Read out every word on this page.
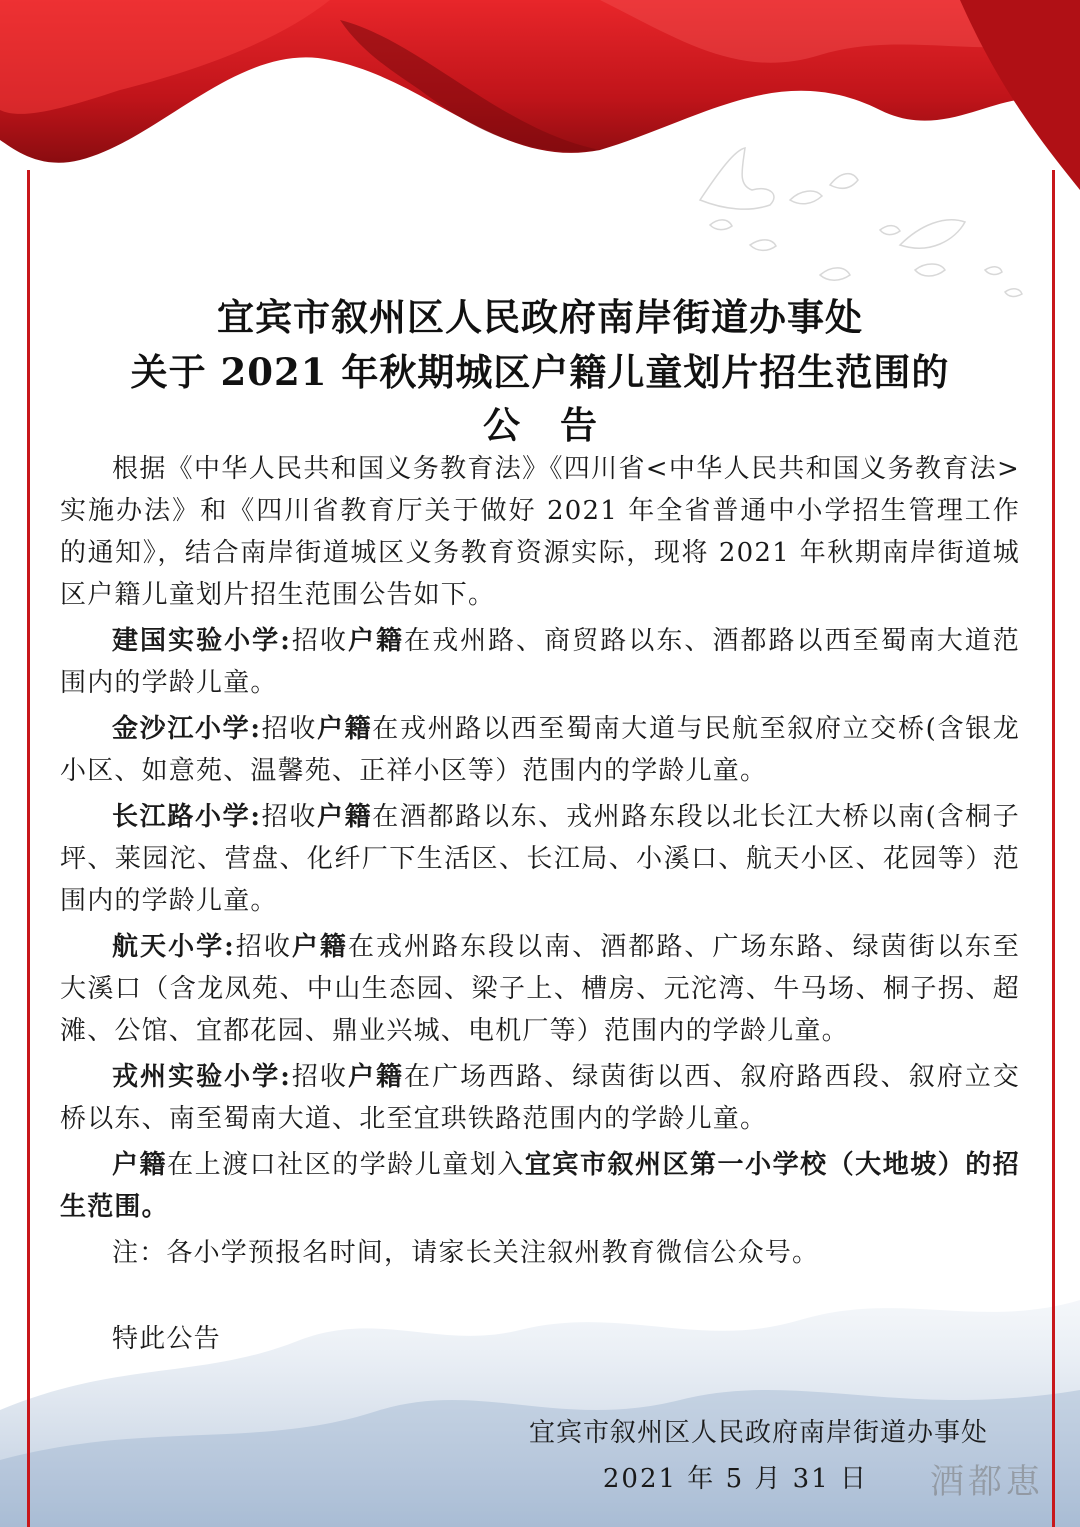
宜宾市叙州区人民政府南岸街道办事处
关于 2021 年秋期城区户籍儿童划片招生范围的
公告

根据《中华人民共和国义务教育法》《四川省<中华人民共和国义务教育法>实施办法》和《四川省教育厅关于做好 2021 年全省普通中小学招生管理工作的通知》，结合南岸街道城区义务教育资源实际，现将 2021 年秋期南岸街道城区户籍儿童划片招生范围公告如下。

建国实验小学:招收户籍在戎州路、商贸路以东、酒都路以西至蜀南大道范围内的学龄儿童。

金沙江小学:招收户籍在戎州路以西至蜀南大道与民航至叙府立交桥(含银龙小区、如意苑、温馨苑、正祥小区等）范围内的学龄儿童。

长江路小学:招收户籍在酒都路以东、戎州路东段以北长江大桥以南(含桐子坪、莱园沱、营盘、化纤厂下生活区、长江局、小溪口、航天小区、花园等）范围内的学龄儿童。

航天小学:招收户籍在戎州路东段以南、酒都路、广场东路、绿茵街以东至大溪口（含龙凤苑、中山生态园、梁子上、槽房、元沱湾、牛马场、桐子拐、超滩、公馆、宜都花园、鼎业兴城、电机厂等）范围内的学龄儿童。

戎州实验小学:招收户籍在广场西路、绿茵街以西、叙府路西段、叙府立交桥以东、南至蜀南大道、北至宜珙铁路范围内的学龄儿童。

户籍在上渡口社区的学龄儿童划入宜宾市叙州区第一小学校（大地坡）的招生范围。

注：各小学预报名时间，请家长关注叙州教育微信公众号。

特此公告

宜宾市叙州区人民政府南岸街道办事处
2021 年 5 月 31 日 酒都恵
